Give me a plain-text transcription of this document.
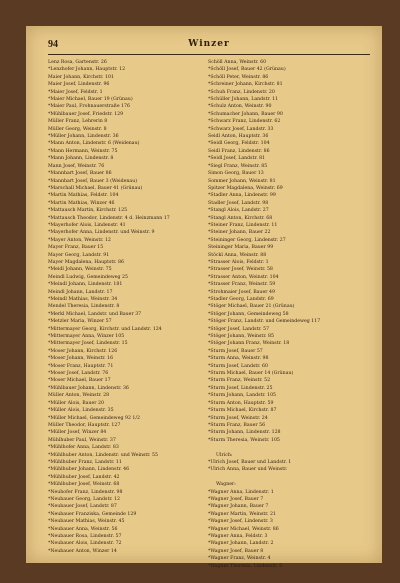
94	Winzer
Lenz Rosa, Gartenstr. 26
*Lenzhofer Johann, Hauptstr. 12
Maier Johann, Kirchstr. 101
Maier Josef, Lindenstr. 96
*Maier Josef, Feldstr. 1
*Maier Michael, Bauer 19 (Grünau)
*Maier Paul, Frohnauerstraße 176
*Mühlbauer Josef, Friedstr. 129
Müller Franz, Lehrerin 8
Müller Georg, Weinstr. 8
*Müller Johann, Lindenstr. 36
*Mann Anton, Lindenstr. 6 (Weidenau)
*Mann Hermann, Weinstr. 75
*Mann Johann, Lindenstr. 8
Mann Josef, Weinstr. 76
*Mannhart Josef, Bauer 86
*Mannhart Josef, Bauer 3 (Weidenau)
*Marschall Michael, Bauer 41 (Grünau)
*Martin Mathias, Feldstr. 104
*Martin Mathias, Winzer 46
*Mattausch Martin, Kirchstr. 125
*Mattausch Theodor, Lindenstr. 4 d. Heinzmann 17
*Mayerhofer Alois, Lindenstr. 41
*Mayerhofer Anna, Lindenstr. und Weinstr. 9
*Mayer Anton, Weinstr. 12
Mayer Franz, Bauer 15
Mayer Georg, Landstr. 91
Mayer Magdalena, Hauptstr. 86
*Meidl Johann, Weinstr. 75
Meindl Ludwig, Gemeindeweg 25
*Meindl Johann, Lindenstr. 181
Meindl Johann, Landstr. 17
*Meindl Mathias, Weinstr. 34
Mendel Theresia, Lindenstr. 8
*Merkl Michael, Landstr. und Bauer 37
*Metzler Maria, Winzer 57
*Mittermayer Georg, Kirchstr. und Landstr. 124
*Mittermayer Anna, Winzer 105
*Mittermayer Josef, Lindenstr. 15
*Moser Johann, Kirchstr. 126
*Moser Johann, Weinstr. 16
*Moser Franz, Hauptstr. 71
*Moser Josef, Landstr. 76
*Moser Michael, Bauer 17
*Mühlbauer Johann, Lindenstr. 36
Müller Anton, Weinstr. 28
*Müller Alois, Bauer 20
*Müller Alois, Lindenstr. 35
*Müller Michael, Gemeindeweg 92 1/2
Müller Theodor, Hauptstr. 127
*Müller Josef, Winzer 84
Mühlhuber Paul, Weinstr. 37
*Mühlhofer Anna, Landstr. 83
*Mühlhuber Anton, Lindenstr. und Weinstr. 55
*Mühlhuber Franz, Landstr. 11
*Mühlhuber Johann, Lindenstr. 46
*Mühlhuber Josef, Landstr. 42
*Mühlhuber Josef, Weinstr. 68
*Neuhofer Franz, Lindenstr. 98
*Neubauer Georg, Landstr. 12
*Neubauer Josef, Landstr. 87
*Neubauer Franziska, Gemeinde 129
*Neubauer Mathias, Weinstr. 45
*Neubauer Anna, Weinstr. 56
*Neubauer Rosa, Lindenstr. 57
*Neubauer Alois, Lindenstr. 72
*Neubauer Anton, Winzer 14
Schöll Anna, Weinstr. 60
*Schöll Josef, Bauer 42 (Grünau)
*Schöll Peter, Weinstr. 86
*Schreiner Johann, Kirchstr. 81
*Schuh Franz, Lindenstr. 20
*Schüller Johann, Landstr. 11
*Schulz Anton, Weinstr. 90
*Schumacher Johann, Bauer 90
*Schwarz Franz, Lindenstr. 62
*Schwarz Josef, Landstr. 33
Seidl Anton, Hauptstr. 36
*Seidl Georg, Feldstr. 104
Seidl Franz, Lindenstr. 86
*Seidl Josef, Landstr. 81
*Siegl Franz, Weinstr. 85
Simon Georg, Bauer 13
Sommer Johann, Weinstr. 81
Spitzer Magdalena, Weinstr. 69
*Stadler Anna, Lindenstr. 99
Stadler Josef, Landstr. 98
*Stangl Alois, Landstr. 27
*Stangl Anton, Kirchstr. 68
*Steiner Franz, Lindenstr. 11
*Steiner Johann, Bauer 22
*Steininger Georg, Lindenstr. 27
Steininger Maria, Bauer 99
Stöckl Anna, Weinstr. 88
*Strasser Alois, Feldstr. 1
*Strasser Josef, Weinstr. 58
*Strasser Anton, Weinstr. 104
*Strasser Franz, Weinstr. 59
*Strohmaier Josef, Bauer 49
*Stadler Georg, Landstr. 69
*Stöger Michael, Bauer 21 (Grünau)
*Stöger Johann, Gemeindeweg 58
*Stöger Franz, Landstr. und Gemeindeweg 117
*Stöger Josef, Landstr. 57
*Stöger Johann, Weinstr. 85
*Stöger Johann Franz, Weinstr. 18
*Sturm Josef, Bauer 57
*Sturm Anna, Weinstr. 98
*Sturm Josef, Landstr. 60
*Sturm Michael, Bauer 14 (Grünau)
*Sturm Franz, Weinstr. 52
*Sturm Josef, Lindenstr. 25
*Sturm Johann, Landstr. 105
*Sturm Anton, Hauptstr. 59
*Sturm Michael, Kirchstr. 87
*Sturm Josef, Weinstr. 24
*Sturm Franz, Bauer 56
*Sturm Johann, Lindenstr. 128
*Sturm Theresia, Weinstr. 105
Ulrich:
*Ulrich Josef, Bauer und Landstr. 1
*Ulrich Anna, Bauer und Weinstr.
Wagner:
*Wagner Anna, Lindenstr. 1
*Wagner Josef, Bauer 7
*Wagner Johann, Bauer 7
*Wagner Martin, Weinstr. 21
*Wagner Josef, Lindenstr. 3
*Wagner Michael, Weinstr. 86
*Wagner Anna, Feldstr. 3
*Wagner Johann, Landstr. 2
*Wagner Josef, Bauer 8
*Wagner Franz, Weinstr. 4
*Wagner Theresia, Lindenstr. 5
